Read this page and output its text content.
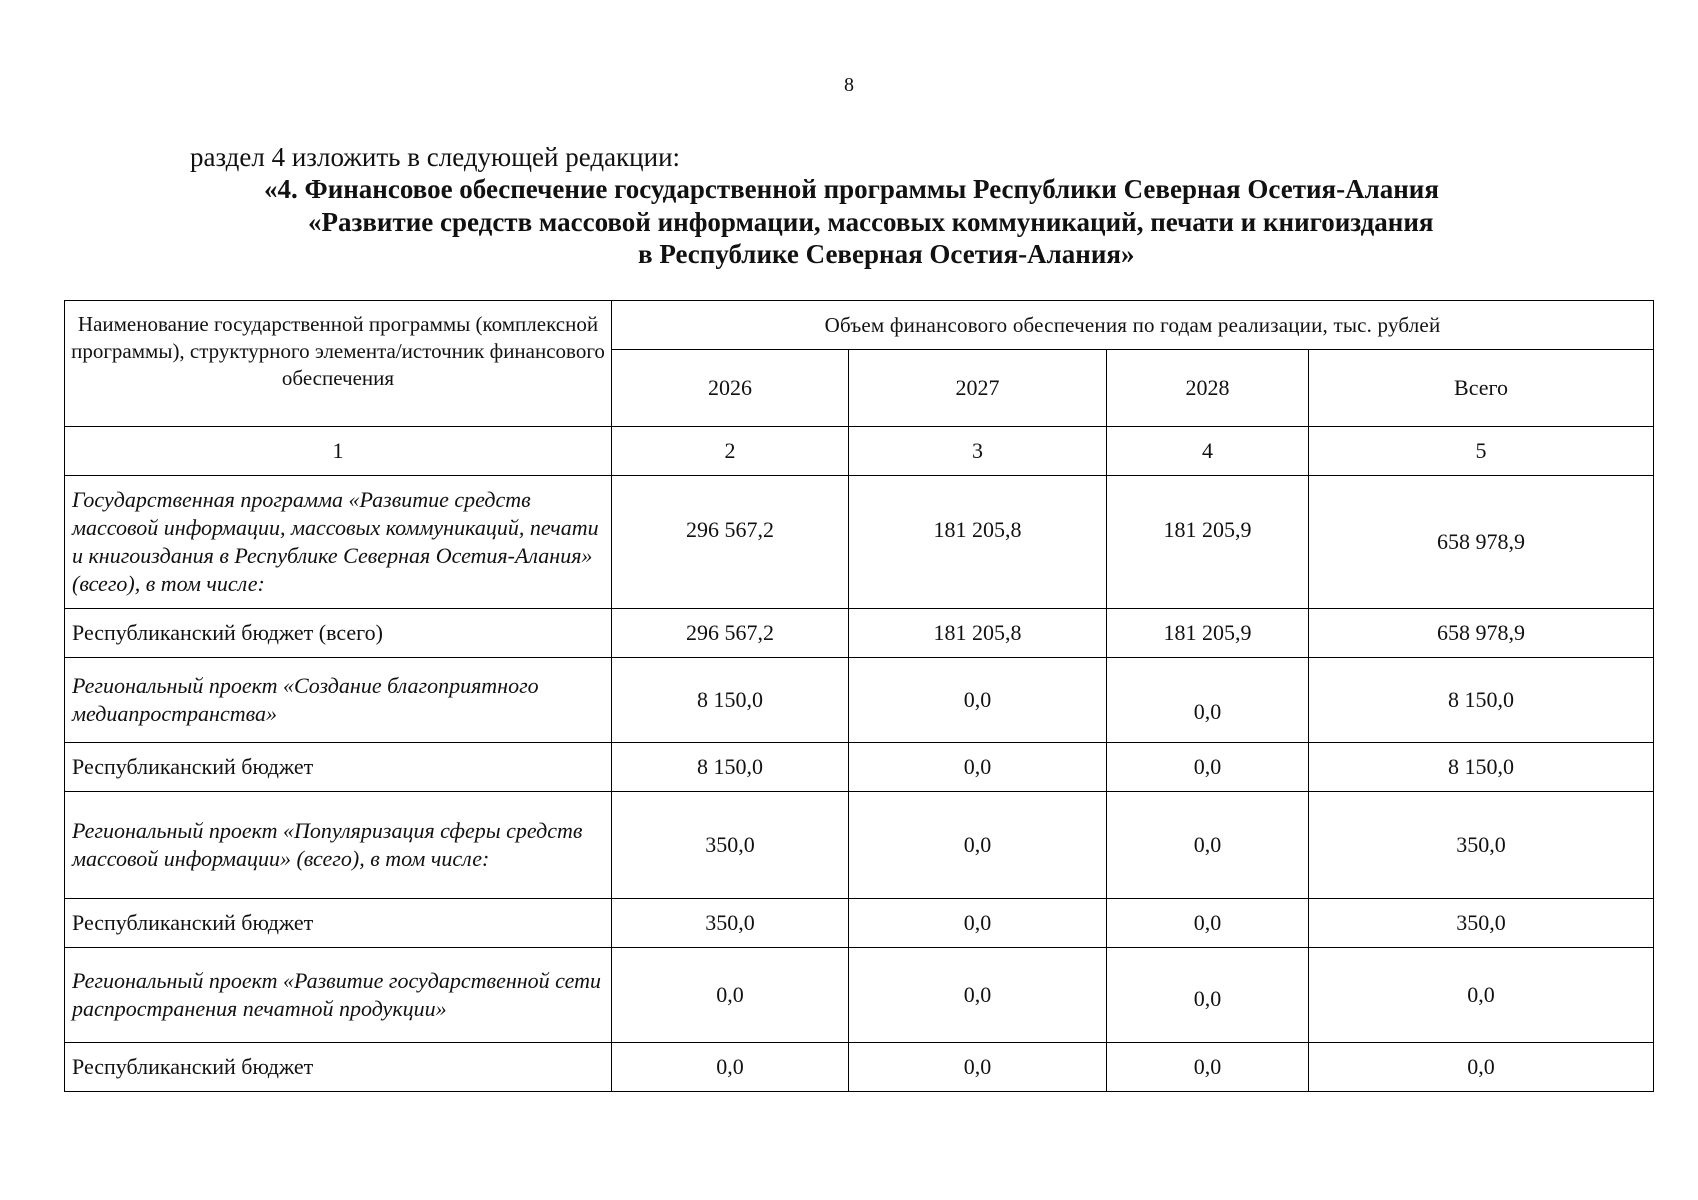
8
раздел 4 изложить в следующей редакции:
«4. Финансовое обеспечение государственной программы Республики Северная Осетия-Алания
«Развитие средств массовой информации, массовых коммуникаций, печати и книгоиздания
в Республике Северная Осетия-Алания»
Наименование государственной программы (комплексной программы), структурного элемента/источник финансового обеспечения	Объем финансового обеспечения по годам реализации, тыс. рублей			
	2026	2027	2028	Всего
1	2	3	4	5
Государственная программа «Развитие средств массовой информации, массовых коммуникаций, печати и книгоиздания в Республике Северная Осетия-Алания» (всего), в том числе:	296 567,2	181 205,8	181 205,9	658 978,9
Республиканский бюджет (всего)	296 567,2	181 205,8	181 205,9	658 978,9
Региональный проект «Создание благоприятного медиапространства»	8 150,0	0,0	0,0	8 150,0
Республиканский бюджет	8 150,0	0,0	0,0	8 150,0
Региональный проект «Популяризация сферы средств массовой информации» (всего), в том числе:	350,0	0,0	0,0	350,0
Республиканский бюджет	350,0	0,0	0,0	350,0
Региональный проект «Развитие государственной сети распространения печатной продукции»	0,0	0,0	0,0	0,0
Республиканский бюджет	0,0	0,0	0,0	0,0
